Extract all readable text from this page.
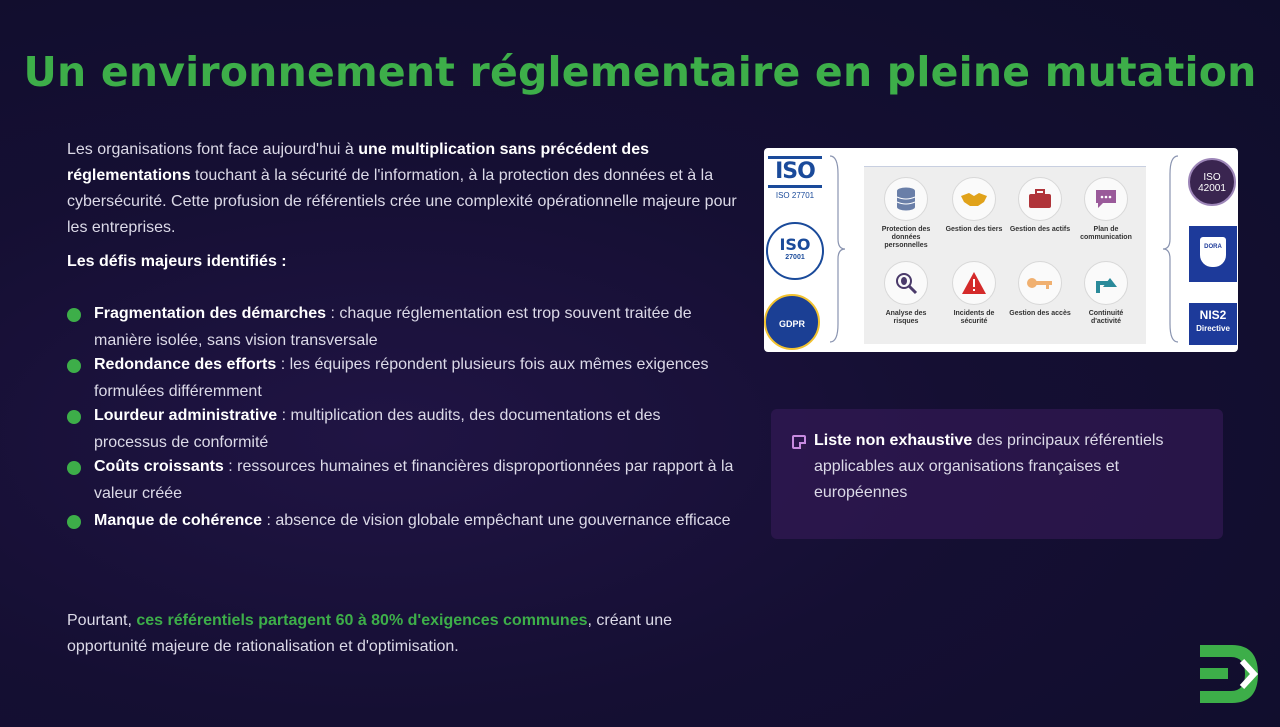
Un environnement réglementaire en pleine mutation

Les organisations font face aujourd'hui à une multiplication sans précédent des réglementations touchant à la sécurité de l'information, à la protection des données et à la cybersécurité. Cette profusion de référentiels crée une complexité opérationnelle majeure pour les entreprises.

Les défis majeurs identifiés :
Fragmentation des démarches : chaque réglementation est trop souvent traitée de manière isolée, sans vision transversale
Redondance des efforts : les équipes répondent plusieurs fois aux mêmes exigences formulées différemment
Lourdeur administrative : multiplication des audits, des documentations et des processus de conformité
Coûts croissants : ressources humaines et financières disproportionnées par rapport à la valeur créée
Manque de cohérence : absence de vision globale empêchant une gouvernance efficace

Pourtant, ces référentiels partagent 60 à 80% d'exigences communes, créant une opportunité majeure de rationalisation et d'optimisation.

ISO
ISO 27701
ISO
27001
GDPR
Protection des données personnelles
Gestion des tiers	Gestion des actifs	Plan de communication
Analyse des risques
Incidents de sécurité
Gestion des accès	Continuité d'activité
ISO
42001
DORA
NIS2
Directive

Liste non exhaustive des principaux référentiels applicables aux organisations françaises et européennes
